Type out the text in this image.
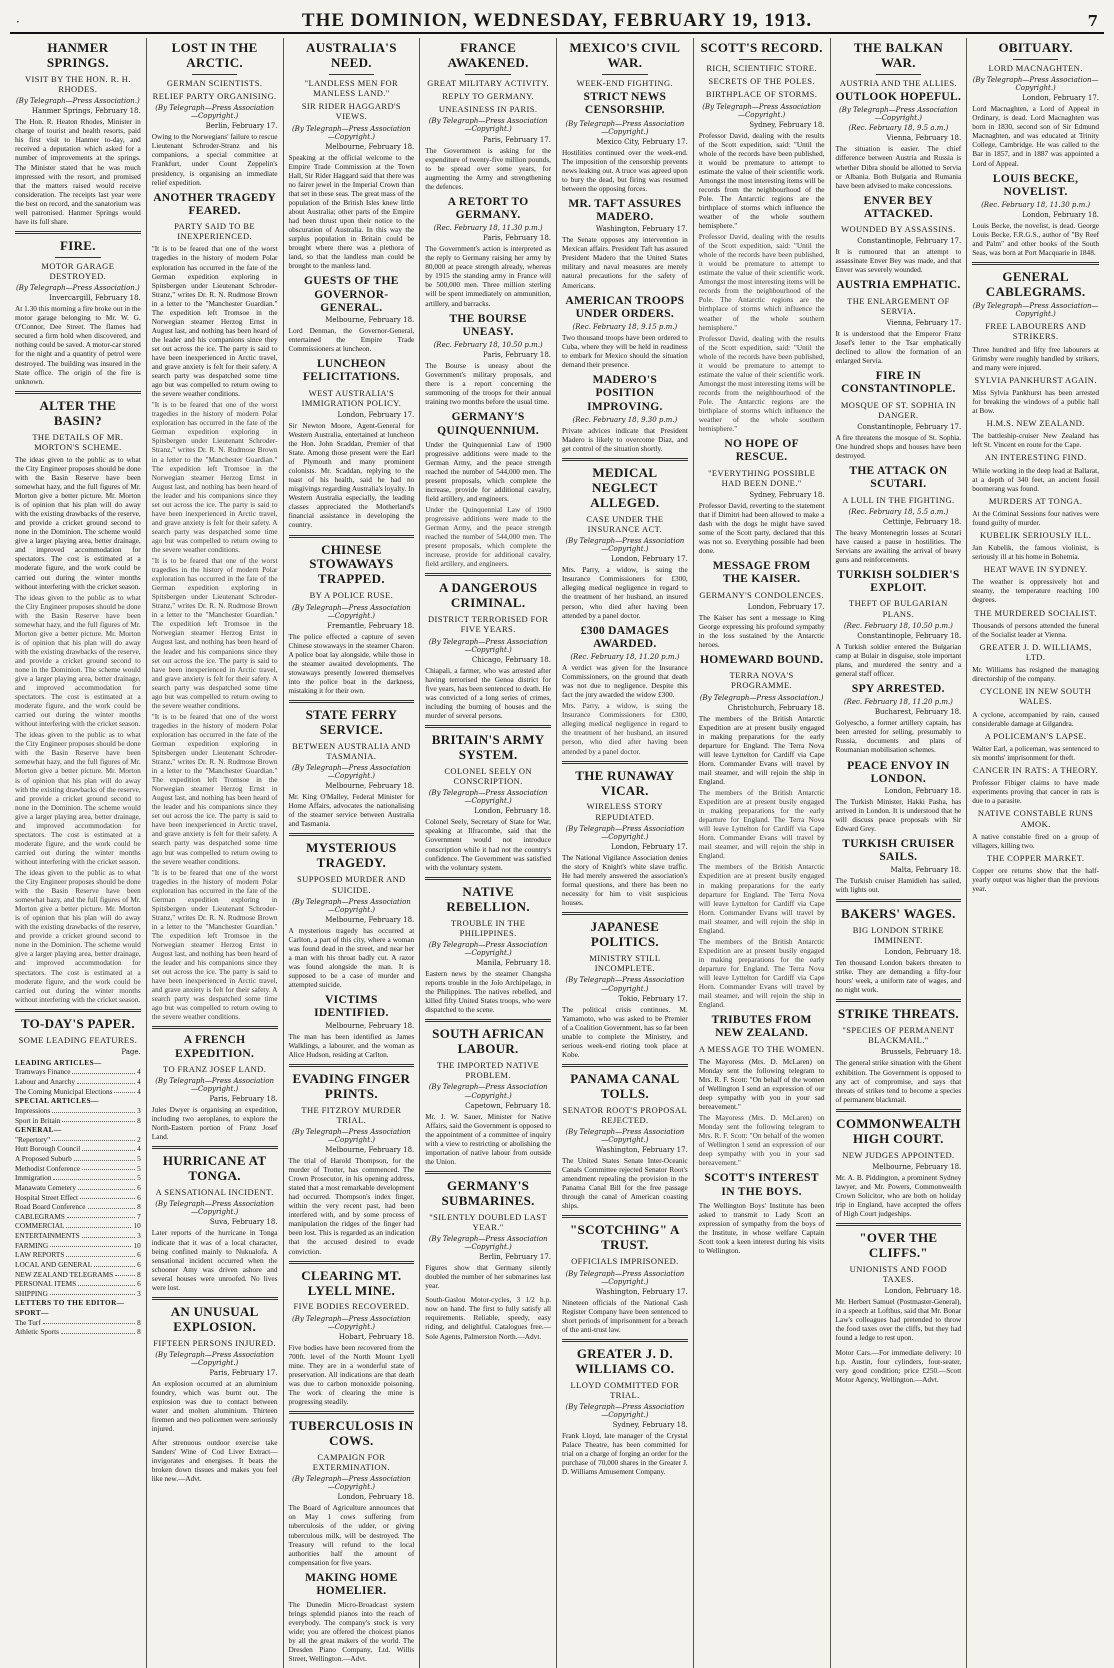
·	THE DOMINION, WEDNESDAY, FEBRUARY 19, 1913.	7
HANMER SPRINGS.
VISIT BY THE HON. R. H. RHODES.
(By Telegraph—Press Association.)
Hanmer Springs, February 18.
The Hon. R. Heaton Rhodes, Minister in charge of tourist and health resorts, paid his first visit to Hanmer to-day, and received a deputation which asked for a number of improvements at the springs. The Minister stated that he was much impressed with the resort, and promised that the matters raised would receive consideration. The receipts last year were the best on record, and the sanatorium was well patronised. Hanmer Springs would have its full share.
FIRE.
MOTOR GARAGE DESTROYED.
(By Telegraph—Press Association.)
Invercargill, February 18.
At 1.30 this morning a fire broke out in the motor garage belonging to Mr. W. G. O'Connor, Dee Street. The flames had secured a firm hold when discovered, and nothing could be saved. A motor-car stored for the night and a quantity of petrol were destroyed. The building was insured in the State office. The origin of the fire is unknown.
ALTER THE BASIN?
THE DETAILS OF MR. MORTON'S SCHEME.
The ideas given to the public as to what the City Engineer proposes should be done with the Basin Reserve have been somewhat hazy, and the full figures of Mr. Morton give a better picture. Mr. Morton is of opinion that his plan will do away with the existing drawbacks of the reserve, and provide a cricket ground second to none in the Dominion. The scheme would give a larger playing area, better drainage, and improved accommodation for spectators. The cost is estimated at a moderate figure, and the work could be carried out during the winter months without interfering with the cricket season.
The ideas given to the public as to what the City Engineer proposes should be done with the Basin Reserve have been somewhat hazy, and the full figures of Mr. Morton give a better picture. Mr. Morton is of opinion that his plan will do away with the existing drawbacks of the reserve, and provide a cricket ground second to none in the Dominion. The scheme would give a larger playing area, better drainage, and improved accommodation for spectators. The cost is estimated at a moderate figure, and the work could be carried out during the winter months without interfering with the cricket season.
The ideas given to the public as to what the City Engineer proposes should be done with the Basin Reserve have been somewhat hazy, and the full figures of Mr. Morton give a better picture. Mr. Morton is of opinion that his plan will do away with the existing drawbacks of the reserve, and provide a cricket ground second to none in the Dominion. The scheme would give a larger playing area, better drainage, and improved accommodation for spectators. The cost is estimated at a moderate figure, and the work could be carried out during the winter months without interfering with the cricket season.
The ideas given to the public as to what the City Engineer proposes should be done with the Basin Reserve have been somewhat hazy, and the full figures of Mr. Morton give a better picture. Mr. Morton is of opinion that his plan will do away with the existing drawbacks of the reserve, and provide a cricket ground second to none in the Dominion. The scheme would give a larger playing area, better drainage, and improved accommodation for spectators. The cost is estimated at a moderate figure, and the work could be carried out during the winter months without interfering with the cricket season.
TO-DAY'S PAPER.
SOME LEADING FEATURES.
Page.
LEADING ARTICLES—
Tramways Finance	4
Labour and Anarchy	4
The Coming Municipal Elections	4
SPECIAL ARTICLES—
Impressions	3
Sport in Britain	8
GENERAL—
"Repertory"	2
Hutt Borough Council	4
A Proposed Suburb	5
Methodist Conference	5
Immigration	5
Manawatu Cemetery	6
Hospital Street Effect	6
Road Board Conference	8
CABLEGRAMS	7
COMMERCIAL	10
ENTERTAINMENTS	3
FARMING	10
LAW REPORTS	6
LOCAL AND GENERAL	6
NEW ZEALAND TELEGRAMS	8
PERSONAL ITEMS	6
SHIPPING	3
LETTERS TO THE EDITOR—
SPORT—
The Turf	8
Athletic Sports	8
LOST IN THE ARCTIC.
GERMAN SCIENTISTS.
RELIEF PARTY ORGANISING.
(By Telegraph—Press Association—Copyright.)
Berlin, February 17.
Owing to the Norwegians' failure to rescue Lieutenant Schroder-Stranz and his companions, a special committee at Frankfurt, under Count Zeppelin's presidency, is organising an immediate relief expedition.
ANOTHER TRAGEDY FEARED.
PARTY SAID TO BE INEXPERIENCED.
"It is to be feared that one of the worst tragedies in the history of modern Polar exploration has occurred in the fate of the German expedition exploring in Spitsbergen under Lieutenant Schroder-Stranz," writes Dr. R. N. Rudmose Brown in a letter to the "Manchester Guardian." The expedition left Tromsoe in the Norwegian steamer Herzog Ernst in August last, and nothing has been heard of the leader and his companions since they set out across the ice. The party is said to have been inexperienced in Arctic travel, and grave anxiety is felt for their safety. A search party was despatched some time ago but was compelled to return owing to the severe weather conditions.
"It is to be feared that one of the worst tragedies in the history of modern Polar exploration has occurred in the fate of the German expedition exploring in Spitsbergen under Lieutenant Schroder-Stranz," writes Dr. R. N. Rudmose Brown in a letter to the "Manchester Guardian." The expedition left Tromsoe in the Norwegian steamer Herzog Ernst in August last, and nothing has been heard of the leader and his companions since they set out across the ice. The party is said to have been inexperienced in Arctic travel, and grave anxiety is felt for their safety. A search party was despatched some time ago but was compelled to return owing to the severe weather conditions.
"It is to be feared that one of the worst tragedies in the history of modern Polar exploration has occurred in the fate of the German expedition exploring in Spitsbergen under Lieutenant Schroder-Stranz," writes Dr. R. N. Rudmose Brown in a letter to the "Manchester Guardian." The expedition left Tromsoe in the Norwegian steamer Herzog Ernst in August last, and nothing has been heard of the leader and his companions since they set out across the ice. The party is said to have been inexperienced in Arctic travel, and grave anxiety is felt for their safety. A search party was despatched some time ago but was compelled to return owing to the severe weather conditions.
"It is to be feared that one of the worst tragedies in the history of modern Polar exploration has occurred in the fate of the German expedition exploring in Spitsbergen under Lieutenant Schroder-Stranz," writes Dr. R. N. Rudmose Brown in a letter to the "Manchester Guardian." The expedition left Tromsoe in the Norwegian steamer Herzog Ernst in August last, and nothing has been heard of the leader and his companions since they set out across the ice. The party is said to have been inexperienced in Arctic travel, and grave anxiety is felt for their safety. A search party was despatched some time ago but was compelled to return owing to the severe weather conditions.
"It is to be feared that one of the worst tragedies in the history of modern Polar exploration has occurred in the fate of the German expedition exploring in Spitsbergen under Lieutenant Schroder-Stranz," writes Dr. R. N. Rudmose Brown in a letter to the "Manchester Guardian." The expedition left Tromsoe in the Norwegian steamer Herzog Ernst in August last, and nothing has been heard of the leader and his companions since they set out across the ice. The party is said to have been inexperienced in Arctic travel, and grave anxiety is felt for their safety. A search party was despatched some time ago but was compelled to return owing to the severe weather conditions.
A FRENCH EXPEDITION.
TO FRANZ JOSEF LAND.
(By Telegraph—Press Association—Copyright.)
Paris, February 18.
Jules Dwyer is organising an expedition, including two aeroplanes, to explore the North-Eastern portion of Franz Josef Land.
HURRICANE AT TONGA.
A SENSATIONAL INCIDENT.
(By Telegraph—Press Association—Copyright.)
Suva, February 18.
Later reports of the hurricane in Tonga indicate that it was of a local character, being confined mainly to Nukualofa. A sensational incident occurred when the schooner Amy was driven ashore and several houses were unroofed. No lives were lost.
AN UNUSUAL EXPLOSION.
FIFTEEN PERSONS INJURED.
(By Telegraph—Press Association—Copyright.)
Paris, February 17.
An explosion occurred at an aluminium foundry, which was burnt out. The explosion was due to contact between water and molten aluminium. Thirteen firemen and two policemen were seriously injured.
After strenuous outdoor exercise take Sanders' Wine of Cod Liver Extract—invigorates and energises. It beats the broken down tissues and makes you feel like new.—Advt.
AUSTRALIA'S NEED.
"LANDLESS MEN FOR MANLESS LAND."
SIR RIDER HAGGARD'S VIEWS.
(By Telegraph—Press Association—Copyright.)
Melbourne, February 18.
Speaking at the official welcome to the Empire Trade Commission at the Town Hall, Sir Rider Haggard said that there was no fairer jewel in the Imperial Crown than that set in these seas. The great mass of the population of the British Isles knew little about Australia; other parts of the Empire had been thrust upon their notice to the obscuration of Australia. In this way the surplus population in Britain could be brought where there was a plethora of land, so that the landless man could be brought to the manless land.
GUESTS OF THE GOVERNOR-GENERAL.
Melbourne, February 18.
Lord Denman, the Governor-General, entertained the Empire Trade Commissioners at luncheon.
LUNCHEON FELICITATIONS.
WEST AUSTRALIA'S IMMIGRATION POLICY.
London, February 17.
Sir Newton Moore, Agent-General for Western Australia, entertained at luncheon the Hon. John Scaddan, Premier of that State. Among those present were the Earl of Plymouth and many prominent colonists. Mr. Scaddan, replying to the toast of his health, said he had no misgivings regarding Australia's loyalty. In Western Australia especially, the leading classes appreciated the Motherland's financial assistance in developing the country.
CHINESE STOWAWAYS TRAPPED.
BY A POLICE RUSE.
(By Telegraph—Press Association—Copyright.)
Fremantle, February 18.
The police effected a capture of seven Chinese stowaways in the steamer Charon. A police boat lay alongside, while those in the steamer awaited developments. The stowaways presently lowered themselves into the police boat in the darkness, mistaking it for their own.
STATE FERRY SERVICE.
BETWEEN AUSTRALIA AND TASMANIA.
(By Telegraph—Press Association—Copyright.)
Melbourne, February 18.
Mr. King O'Malley, Federal Minister for Home Affairs, advocates the nationalising of the steamer service between Australia and Tasmania.
MYSTERIOUS TRAGEDY.
SUPPOSED MURDER AND SUICIDE.
(By Telegraph—Press Association—Copyright.)
Melbourne, February 18.
A mysterious tragedy has occurred at Carlton, a part of this city, where a woman was found dead in the street, and near her a man with his throat badly cut. A razor was found alongside the man. It is supposed to be a case of murder and attempted suicide.
VICTIMS IDENTIFIED.
Melbourne, February 18.
The man has been identified as James Walklings, a labourer, and the woman as Alice Hudson, residing at Carlton.
EVADING FINGER PRINTS.
THE FITZROY MURDER TRIAL.
(By Telegraph—Press Association—Copyright.)
Melbourne, February 18.
The trial of Harold Thompson, for the murder of Trotter, has commenced. The Crown Prosecutor, in his opening address, stated that a most remarkable development had occurred. Thompson's index finger, within the very recent past, had been interfered with, and by some process of manipulation the ridges of the finger had been lost. This is regarded as an indication that the accused desired to evade conviction.
CLEARING MT. LYELL MINE.
FIVE BODIES RECOVERED.
(By Telegraph—Press Association—Copyright.)
Hobart, February 18.
Five bodies have been recovered from the 700ft. level of the North Mount Lyell mine. They are in a wonderful state of preservation. All indications are that death was due to carbon monoxide poisoning. The work of clearing the mine is progressing steadily.
TUBERCULOSIS IN COWS.
CAMPAIGN FOR EXTERMINATION.
(By Telegraph—Press Association—Copyright.)
London, February 18.
The Board of Agriculture announces that on May 1 cows suffering from tuberculosis of the udder, or giving tuberculous milk, will be destroyed. The Treasury will refund to the local authorities half the amount of compensation for five years.
MAKING HOME HOMELIER.
The Dunedin Micro-Broadcast system brings splendid pianos into the reach of everybody. The company's stock is very wide; you are offered the choicest pianos by all the great makers of the world. The Dresden Piano Company, Ltd. Willis Street, Wellington.—Advt.
FRANCE AWAKENED.
GREAT MILITARY ACTIVITY.
REPLY TO GERMANY.
UNEASINESS IN PARIS.
(By Telegraph—Press Association—Copyright.)
Paris, February 17.
The Government is asking for the expenditure of twenty-five million pounds, to be spread over some years, for augmenting the Army and strengthening the defences.
A RETORT TO GERMANY.
(Rec. February 18, 11.30 p.m.)
Paris, February 18.
The Government's action is interpreted as the reply to Germany raising her army by 80,000 at peace strength already, whereas by 1915 the standing army in France will be 500,000 men. Three million sterling will be spent immediately on ammunition, artillery, and barracks.
THE BOURSE UNEASY.
(Rec. February 18, 10.50 p.m.)
Paris, February 18.
The Bourse is uneasy about the Government's military proposals, and there is a report concerning the summoning of the troops for their annual training two months before the usual time.
GERMANY'S QUINQUENNIUM.
Under the Quinquennial Law of 1900 progressive additions were made to the German Army, and the peace strength reached the number of 544,000 men. The present proposals, which complete the increase, provide for additional cavalry, field artillery, and engineers.
Under the Quinquennial Law of 1900 progressive additions were made to the German Army, and the peace strength reached the number of 544,000 men. The present proposals, which complete the increase, provide for additional cavalry, field artillery, and engineers.
A DANGEROUS CRIMINAL.
DISTRICT TERRORISED FOR FIVE YEARS.
(By Telegraph—Press Association—Copyright.)
Chicago, February 18.
Chiapali, a farmer, who was arrested after having terrorised the Genoa district for five years, has been sentenced to death. He was convicted of a long series of crimes, including the burning of houses and the murder of several persons.
BRITAIN'S ARMY SYSTEM.
COLONEL SEELY ON CONSCRIPTION.
(By Telegraph—Press Association—Copyright.)
London, February 18.
Colonel Seely, Secretary of State for War, speaking at Ilfracombe, said that the Government would not introduce conscription while it had not the country's confidence. The Government was satisfied with the voluntary system.
NATIVE REBELLION.
TROUBLE IN THE PHILIPPINES.
(By Telegraph—Press Association—Copyright.)
Manila, February 18.
Eastern news by the steamer Changsha reports trouble in the Jolo Archipelago, in the Philippines. The natives rebelled, and killed fifty United States troops, who were dispatched to the scene.
SOUTH AFRICAN LABOUR.
THE IMPORTED NATIVE PROBLEM.
(By Telegraph—Press Association—Copyright.)
Capetown, February 18.
Mr. J. W. Sauer, Minister for Native Affairs, said the Government is opposed to the appointment of a committee of inquiry with a view to restricting or abolishing the importation of native labour from outside the Union.
GERMANY'S SUBMARINES.
"SILENTLY DOUBLED LAST YEAR."
(By Telegraph—Press Association—Copyright.)
Berlin, February 17.
Figures show that Germany silently doubled the number of her submarines last year.
South-Gaslou Motor-cycles, 3 1/2 h.p. now on hand. The first to fully satisfy all requirements. Reliable, speedy, easy riding, and delightful. Catalogues free.—Sole Agents, Palmerston North.—Advt.
MEXICO'S CIVIL WAR.
WEEK-END FIGHTING.
STRICT NEWS CENSORSHIP.
(By Telegraph—Press Association—Copyright.)
Mexico City, February 17.
Hostilities continued over the week-end. The imposition of the censorship prevents news leaking out. A truce was agreed upon to bury the dead, but firing was resumed between the opposing forces.
MR. TAFT ASSURES MADERO.
Washington, February 17.
The Senate opposes any intervention in Mexican affairs. President Taft has assured President Madero that the United States military and naval measures are merely natural precautions for the safety of Americans.
AMERICAN TROOPS UNDER ORDERS.
(Rec. February 18, 9.15 p.m.)
Two thousand troops have been ordered to Cuba, where they will be held in readiness to embark for Mexico should the situation demand their presence.
MADERO'S POSITION IMPROVING.
(Rec. February 18, 9.30 p.m.)
Private advices indicate that President Madero is likely to overcome Diaz, and get control of the situation shortly.
MEDICAL NEGLECT ALLEGED.
CASE UNDER THE INSURANCE ACT.
(By Telegraph—Press Association—Copyright.)
London, February 17.
Mrs. Parry, a widow, is suing the Insurance Commissioners for £300, alleging medical negligence in regard to the treatment of her husband, an insured person, who died after having been attended by a panel doctor.
£300 DAMAGES AWARDED.
(Rec. February 18, 11.20 p.m.)
A verdict was given for the Insurance Commissioners, on the ground that death was not due to negligence. Despite this fact the jury awarded the widow £300.
Mrs. Parry, a widow, is suing the Insurance Commissioners for £300, alleging medical negligence in regard to the treatment of her husband, an insured person, who died after having been attended by a panel doctor.
THE RUNAWAY VICAR.
WIRELESS STORY REPUDIATED.
(By Telegraph—Press Association—Copyright.)
London, February 17.
The National Vigilance Association denies the story of Knight's white slave traffic. He had merely answered the association's formal questions, and there has been no necessity for him to visit suspicious houses.
JAPANESE POLITICS.
MINISTRY STILL INCOMPLETE.
(By Telegraph—Press Association—Copyright.)
Tokio, February 17.
The political crisis continues. M. Yamamoto, who was asked to be Premier of a Coalition Government, has so far been unable to complete the Ministry, and serious week-end rioting took place at Kobe.
PANAMA CANAL TOLLS.
SENATOR ROOT'S PROPOSAL REJECTED.
(By Telegraph—Press Association—Copyright.)
Washington, February 17.
The United States Senate Inter-Oceanic Canals Committee rejected Senator Root's amendment repealing the provision in the Panama Canal Bill for the free passage through the canal of American coasting ships.
"SCOTCHING" A TRUST.
OFFICIALS IMPRISONED.
(By Telegraph—Press Association—Copyright.)
Washington, February 17.
Nineteen officials of the National Cash Register Company have been sentenced to short periods of imprisonment for a breach of the anti-trust law.
GREATER J. D. WILLIAMS CO.
LLOYD COMMITTED FOR TRIAL.
(By Telegraph—Press Association—Copyright.)
Sydney, February 18.
Frank Lloyd, late manager of the Crystal Palace Theatre, has been committed for trial on a charge of forging an order for the purchase of 70,000 shares in the Greater J. D. Williams Amusement Company.
SCOTT'S RECORD.
RICH, SCIENTIFIC STORE.
SECRETS OF THE POLES.
BIRTHPLACE OF STORMS.
(By Telegraph—Press Association—Copyright.)
Sydney, February 18.
Professor David, dealing with the results of the Scott expedition, said: "Until the whole of the records have been published, it would be premature to attempt to estimate the value of their scientific work. Amongst the most interesting items will be records from the neighbourhood of the Pole. The Antarctic regions are the birthplace of storms which influence the weather of the whole southern hemisphere."
Professor David, dealing with the results of the Scott expedition, said: "Until the whole of the records have been published, it would be premature to attempt to estimate the value of their scientific work. Amongst the most interesting items will be records from the neighbourhood of the Pole. The Antarctic regions are the birthplace of storms which influence the weather of the whole southern hemisphere."
Professor David, dealing with the results of the Scott expedition, said: "Until the whole of the records have been published, it would be premature to attempt to estimate the value of their scientific work. Amongst the most interesting items will be records from the neighbourhood of the Pole. The Antarctic regions are the birthplace of storms which influence the weather of the whole southern hemisphere."
NO HOPE OF RESCUE.
"EVERYTHING POSSIBLE HAD BEEN DONE."
Sydney, February 18.
Professor David, reverting to the statement that if Dimitri had been allowed to make a dash with the dogs he might have saved some of the Scott party, declared that this was not so. Everything possible had been done.
MESSAGE FROM THE KAISER.
GERMANY'S CONDOLENCES.
London, February 17.
The Kaiser has sent a message to King George expressing his profound sympathy in the loss sustained by the Antarctic heroes.
HOMEWARD BOUND.
TERRA NOVA'S PROGRAMME.
(By Telegraph—Press Association.)
Christchurch, February 18.
The members of the British Antarctic Expedition are at present busily engaged in making preparations for the early departure for England. The Terra Nova will leave Lyttelton for Cardiff via Cape Horn. Commander Evans will travel by mail steamer, and will rejoin the ship in England.
The members of the British Antarctic Expedition are at present busily engaged in making preparations for the early departure for England. The Terra Nova will leave Lyttelton for Cardiff via Cape Horn. Commander Evans will travel by mail steamer, and will rejoin the ship in England.
The members of the British Antarctic Expedition are at present busily engaged in making preparations for the early departure for England. The Terra Nova will leave Lyttelton for Cardiff via Cape Horn. Commander Evans will travel by mail steamer, and will rejoin the ship in England.
The members of the British Antarctic Expedition are at present busily engaged in making preparations for the early departure for England. The Terra Nova will leave Lyttelton for Cardiff via Cape Horn. Commander Evans will travel by mail steamer, and will rejoin the ship in England.
TRIBUTES FROM NEW ZEALAND.
A MESSAGE TO THE WOMEN.
The Mayoress (Mrs. D. McLaren) on Monday sent the following telegram to Mrs. R. F. Scott: "On behalf of the women of Wellington I send an expression of our deep sympathy with you in your sad bereavement."
The Mayoress (Mrs. D. McLaren) on Monday sent the following telegram to Mrs. R. F. Scott: "On behalf of the women of Wellington I send an expression of our deep sympathy with you in your sad bereavement."
SCOTT'S INTEREST IN THE BOYS.
The Wellington Boys' Institute has been asked to transmit to Lady Scott an expression of sympathy from the boys of the Institute, in whose welfare Captain Scott took a keen interest during his visits to Wellington.
THE BALKAN WAR.
AUSTRIA AND THE ALLIES.
OUTLOOK HOPEFUL.
(By Telegraph—Press Association—Copyright.)
(Rec. February 18, 9.5 a.m.)
Vienna, February 18.
The situation is easier. The chief difference between Austria and Russia is whether Dibra should be allotted to Servia or Albania. Both Bulgaria and Rumania have been advised to make concessions.
ENVER BEY ATTACKED.
WOUNDED BY ASSASSINS.
Constantinople, February 17.
It is rumoured that an attempt to assassinate Enver Bey was made, and that Enver was severely wounded.
AUSTRIA EMPHATIC.
THE ENLARGEMENT OF SERVIA.
Vienna, February 17.
It is understood that the Emperor Franz Josef's letter to the Tsar emphatically declined to allow the formation of an enlarged Servia.
FIRE IN CONSTANTINOPLE.
MOSQUE OF ST. SOPHIA IN DANGER.
Constantinople, February 17.
A fire threatens the mosque of St. Sophia. One hundred shops and houses have been destroyed.
THE ATTACK ON SCUTARI.
A LULL IN THE FIGHTING.
(Rec. February 18, 5.5 a.m.)
Cettinje, February 18.
The heavy Montenegrin losses at Scutari have caused a pause in hostilities. The Servians are awaiting the arrival of heavy guns and reinforcements.
TURKISH SOLDIER'S EXPLOIT.
THEFT OF BULGARIAN PLANS.
(Rec. February 18, 10.50 p.m.)
Constantinople, February 18.
A Turkish soldier entered the Bulgarian camp at Bulair in disguise, stole important plans, and murdered the sentry and a general staff officer.
SPY ARRESTED.
(Rec. February 18, 11.20 p.m.)
Bucharest, February 18.
Golyescho, a former artillery captain, has been arrested for selling, presumably to Russia, documents and plans of Roumanian mobilisation schemes.
PEACE ENVOY IN LONDON.
London, February 18.
The Turkish Minister, Hakki Pasha, has arrived in London. It is understood that he will discuss peace proposals with Sir Edward Grey.
TURKISH CRUISER SAILS.
Malta, February 18.
The Turkish cruiser Hamidieh has sailed, with lights out.
BAKERS' WAGES.
BIG LONDON STRIKE IMMINENT.
London, February 18.
Ten thousand London bakers threaten to strike. They are demanding a fifty-four hours' week, a uniform rate of wages, and no night work.
STRIKE THREATS.
"SPECIES OF PERMANENT BLACKMAIL."
Brussels, February 18.
The general strike situation with the Ghent exhibition. The Government is opposed to any act of compromise, and says that threats of strikes tend to become a species of permanent blackmail.
COMMONWEALTH HIGH COURT.
NEW JUDGES APPOINTED.
Melbourne, February 18.
Mr. A. B. Piddington, a prominent Sydney lawyer, and Mr. Powers, Commonwealth Crown Solicitor, who are both on holiday trip in England, have accepted the offers of High Court judgeships.
"OVER THE CLIFFS."
UNIONISTS AND FOOD TAXES.
London, February 18.
Mr. Herbert Samuel (Postmaster-General), in a speech at Lofthus, said that Mr. Bonar Law's colleagues had pretended to throw the food taxes over the cliffs, but they had found a ledge to rest upon.
Motor Cars.—For immediate delivery: 10 h.p. Austin, four cylinders, four-seater, very good condition; price £250.—Scott Motor Agency, Wellington.—Advt.
OBITUARY.
LORD MACNAGHTEN.
(By Telegraph—Press Association—Copyright.)
London, February 17.
Lord Macnaghten, a Lord of Appeal in Ordinary, is dead. Lord Macnaghten was born in 1830, second son of Sir Edmund Macnaghten, and was educated at Trinity College, Cambridge. He was called to the Bar in 1857, and in 1887 was appointed a Lord of Appeal.
LOUIS BECKE, NOVELIST.
(Rec. February 18, 11.30 p.m.)
London, February 18.
Louis Becke, the novelist, is dead. George Louis Becke, F.R.G.S., author of "By Reef and Palm" and other books of the South Seas, was born at Port Macquarie in 1848.
GENERAL CABLEGRAMS.
(By Telegraph—Press Association—Copyright.)
FREE LABOURERS AND STRIKERS.
Three hundred and fifty free labourers at Grimsby were roughly handled by strikers, and many were injured.
SYLVIA PANKHURST AGAIN.
Miss Sylvia Pankhurst has been arrested for breaking the windows of a public hall at Bow.
H.M.S. NEW ZEALAND.
The battleship-cruiser New Zealand has left St. Vincent en route for the Cape.
AN INTERESTING FIND.
While working in the deep lead at Ballarat, at a depth of 340 feet, an ancient fossil boomerang was found.
MURDERS AT TONGA.
At the Criminal Sessions four natives were found guilty of murder.
KUBELIK SERIOUSLY ILL.
Jan Kubelik, the famous violinist, is seriously ill at his home in Bohemia.
HEAT WAVE IN SYDNEY.
The weather is oppressively hot and steamy, the temperature reaching 100 degrees.
THE MURDERED SOCIALIST.
Thousands of persons attended the funeral of the Socialist leader at Vienna.
GREATER J. D. WILLIAMS, LTD.
Mr. Williams has resigned the managing directorship of the company.
CYCLONE IN NEW SOUTH WALES.
A cyclone, accompanied by rain, caused considerable damage at Gilgandra.
A POLICEMAN'S LAPSE.
Walter Earl, a policeman, was sentenced to six months' imprisonment for theft.
CANCER IN RATS: A THEORY.
Professor Fibiger claims to have made experiments proving that cancer in rats is due to a parasite.
NATIVE CONSTABLE RUNS AMOK.
A native constable fired on a group of villagers, killing two.
THE COPPER MARKET.
Copper ore returns show that the half-yearly output was higher than the previous year.
